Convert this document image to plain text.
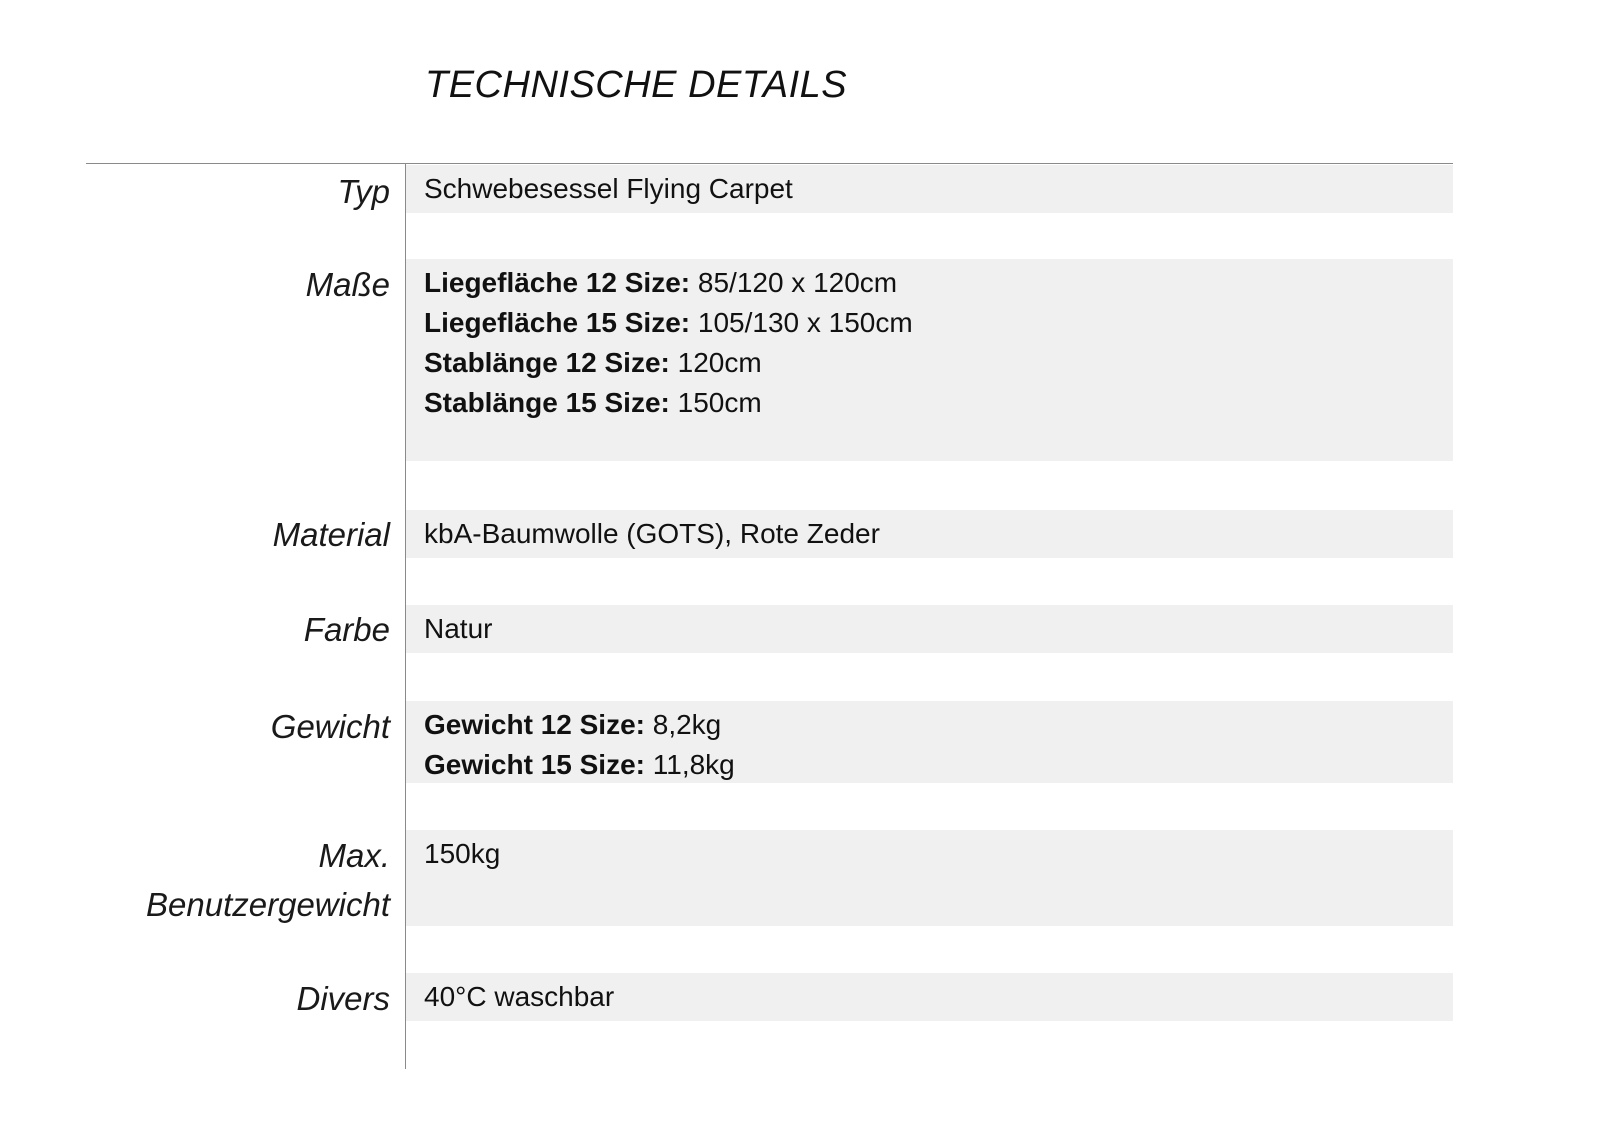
TECHNISCHE DETAILS
Typ Schwebesessel Flying Carpet
Maße Liegefläche 12 Size: 85/120 x 120cm
Liegefläche 15 Size: 105/130 x 150cm
Stablänge 12 Size: 120cm
Stablänge 15 Size: 150cm
Material kbA-Baumwolle (GOTS), Rote Zeder
Farbe Natur
Gewicht Gewicht 12 Size: 8,2kg
Gewicht 15 Size: 11,8kg
Max.
Benutzergewicht
150kg
Divers 40°C waschbar
